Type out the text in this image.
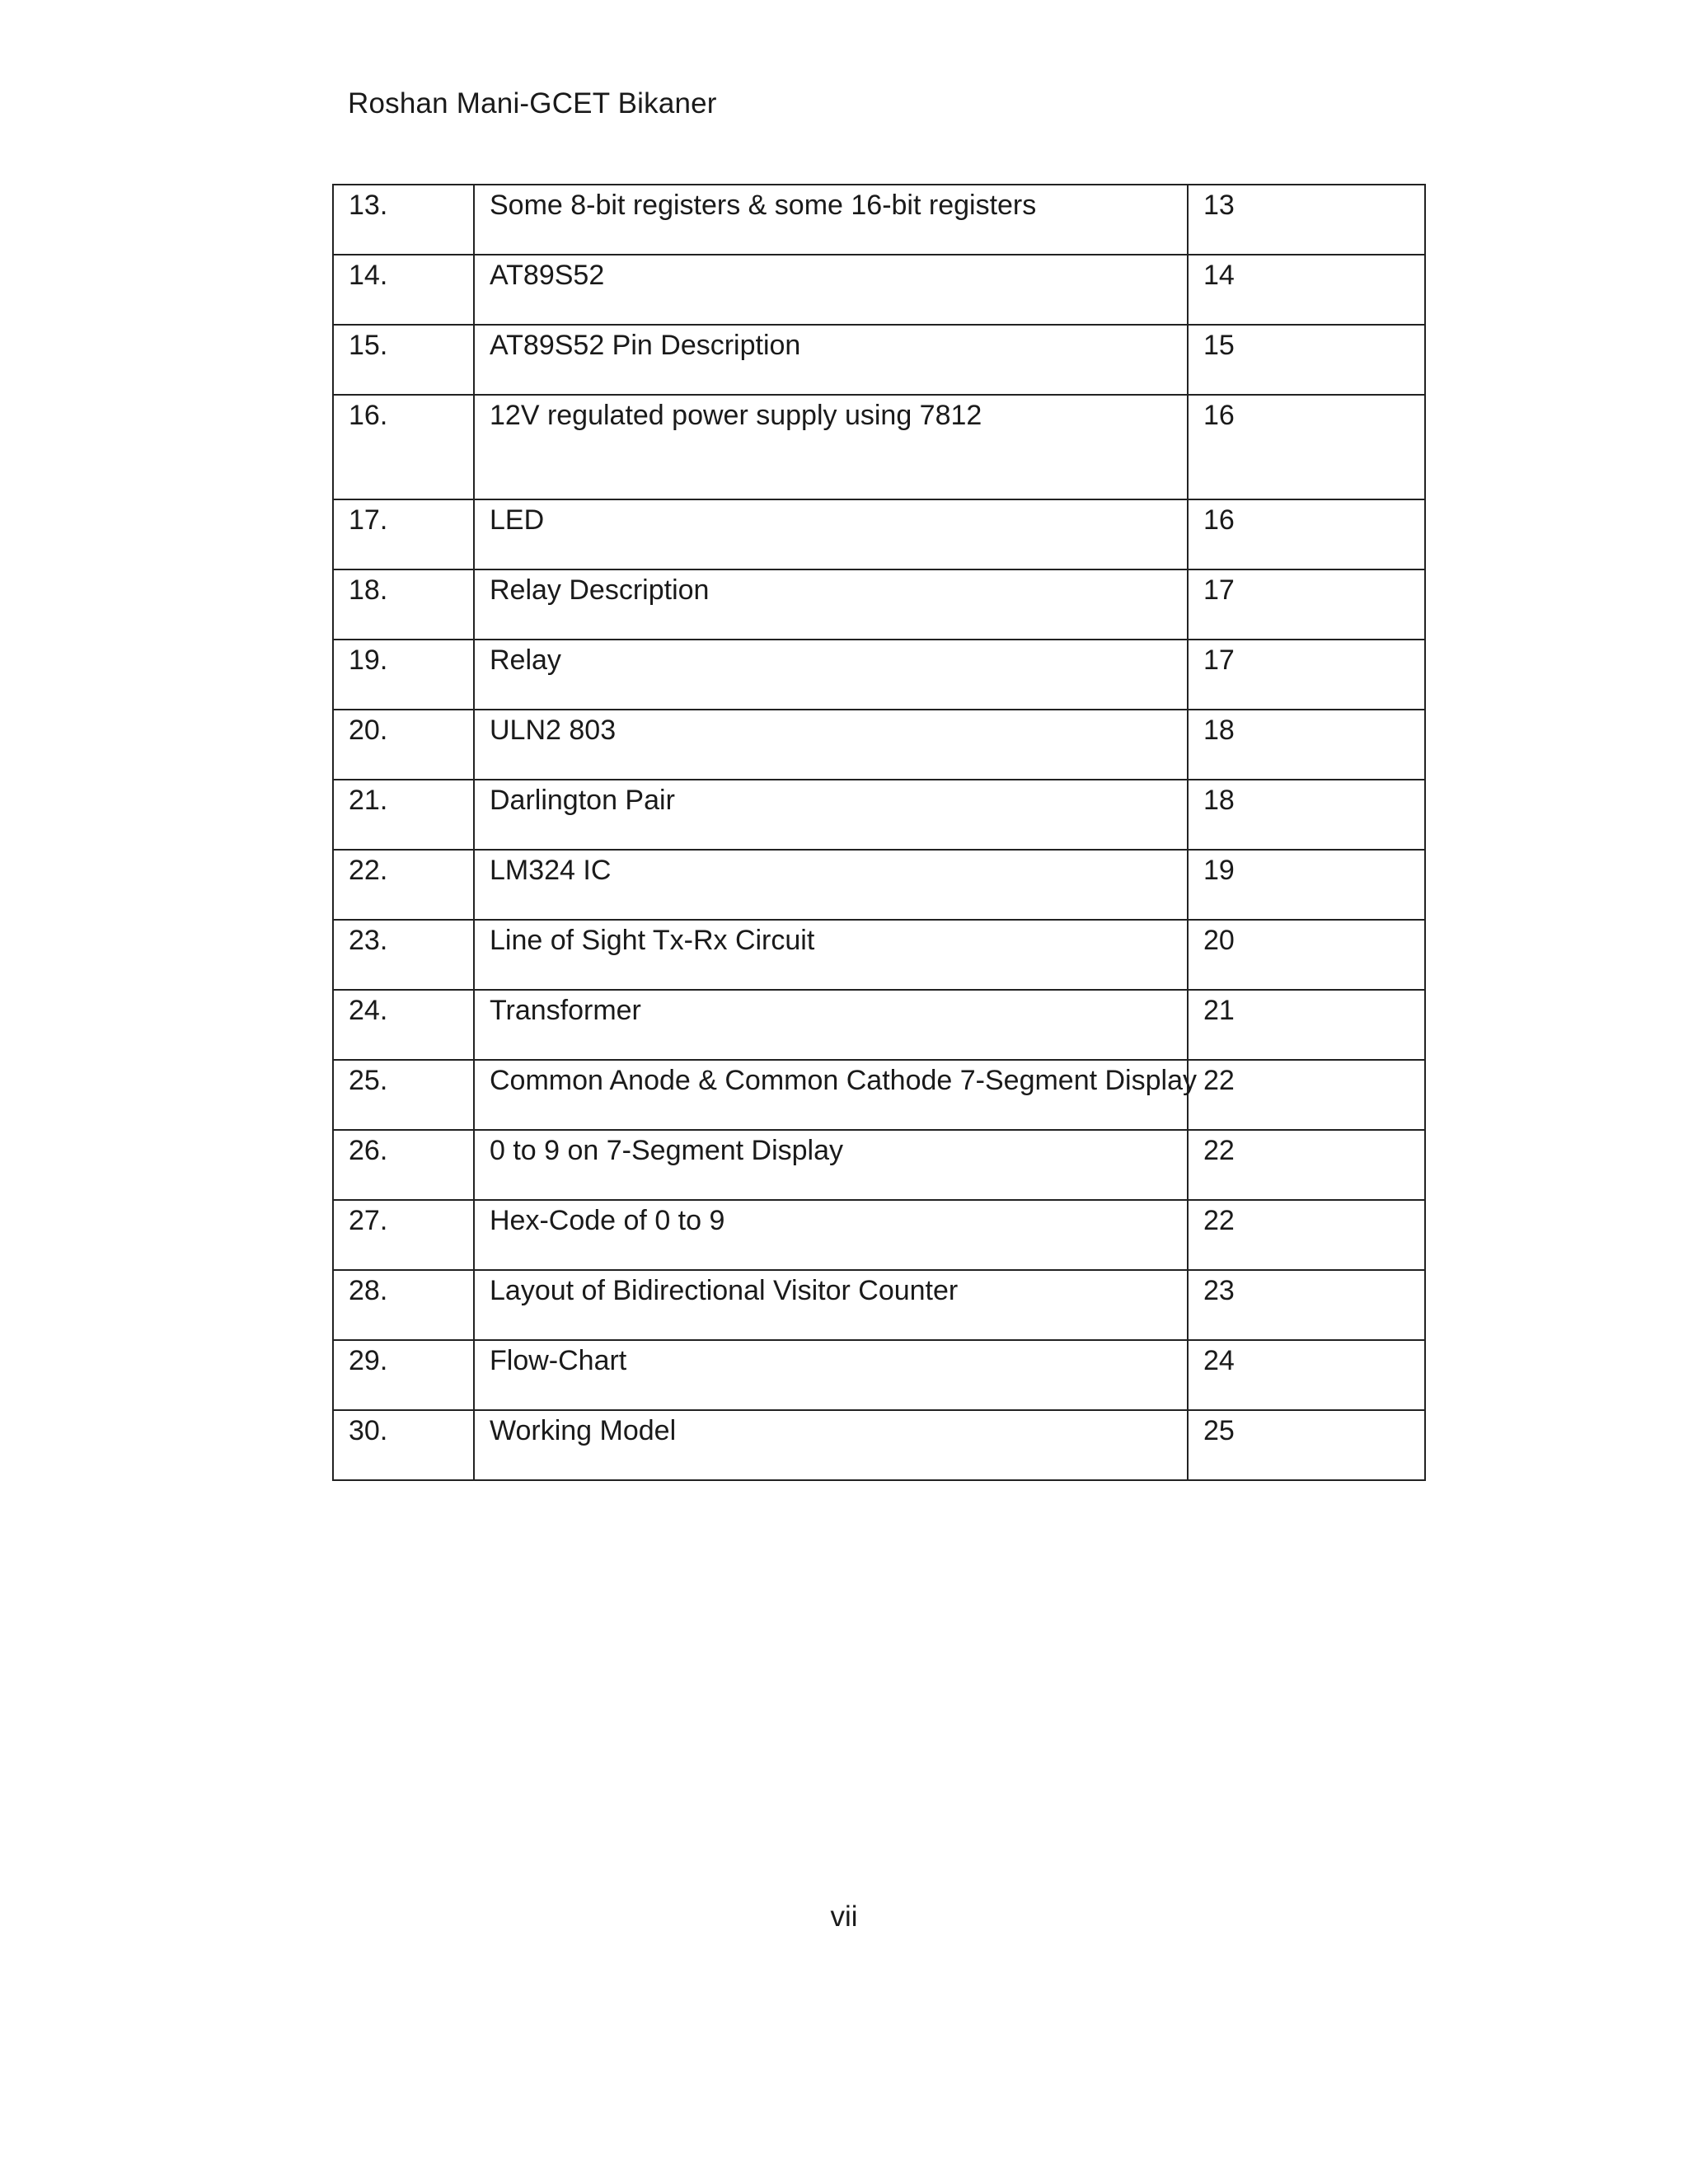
Roshan Mani-GCET Bikaner
13.	Some 8-bit registers & some 16-bit registers	13

14.	AT89S52	14

15.	AT89S52 Pin Description	15

16.	12V regulated power supply using 7812	16

17.	LED	16

18.	Relay Description	17

19.	Relay	17

20.	ULN2 803	18

21.	Darlington Pair	18

22.	LM324 IC	19

23.	Line of Sight Tx-Rx Circuit	20

24.	Transformer	21

25.	Common Anode & Common Cathode 7-Segment Display	22

26.	0 to 9 on 7-Segment Display	22

27.	Hex-Code of 0 to 9	22

28.	Layout of Bidirectional Visitor Counter	23

29.	Flow-Chart	24

30.	Working Model	25
vii
